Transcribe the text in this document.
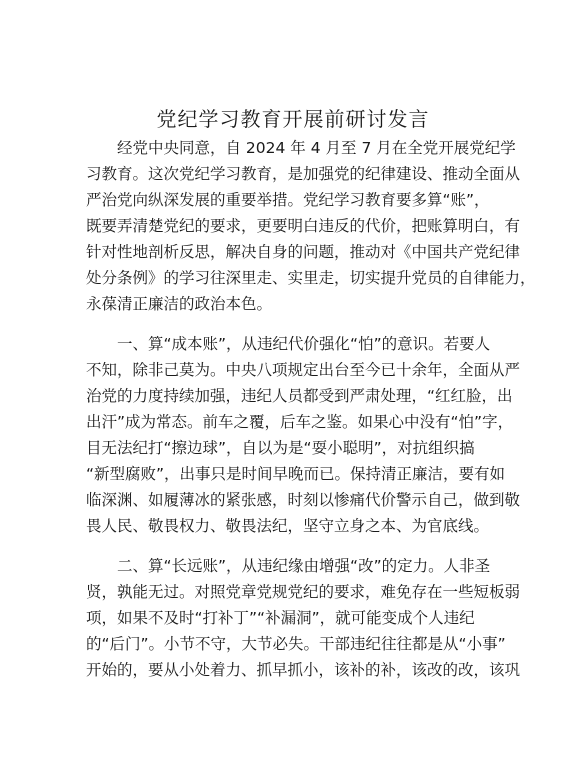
党纪学习教育开展前研讨发言
经党中央同意，自 2024 年 4 月至 7 月在全党开展党纪学
习教育。这次党纪学习教育，是加强党的纪律建设、推动全面从
严治党向纵深发展的重要举措。党纪学习教育要多算“账”，
既要弄清楚党纪的要求，更要明白违反的代价，把账算明白，有
针对性地剖析反思，解决自身的问题，推动对《中国共产党纪律
处分条例》的学习往深里走、实里走，切实提升党员的自律能力，
永葆清正廉洁的政治本色。
一、算“成本账”，从违纪代价强化“怕”的意识。若要人
不知，除非己莫为。中央八项规定出台至今已十余年，全面从严
治党的力度持续加强，违纪人员都受到严肃处理，“红红脸，出
出汗”成为常态。前车之覆，后车之鉴。如果心中没有“怕”字，
目无法纪打“擦边球”，自以为是“耍小聪明”，对抗组织搞
“新型腐败”，出事只是时间早晚而已。保持清正廉洁，要有如
临深渊、如履薄冰的紧张感，时刻以惨痛代价警示自己，做到敬
畏人民、敬畏权力、敬畏法纪，坚守立身之本、为官底线。
二、算“长远账”，从违纪缘由增强“改”的定力。人非圣
贤，孰能无过。对照党章党规党纪的要求，难免存在一些短板弱
项，如果不及时“打补丁”“补漏洞”，就可能变成个人违纪
的“后门”。小节不守，大节必失。干部违纪往往都是从“小事”
开始的，要从小处着力、抓早抓小，该补的补，该改的改，该巩
